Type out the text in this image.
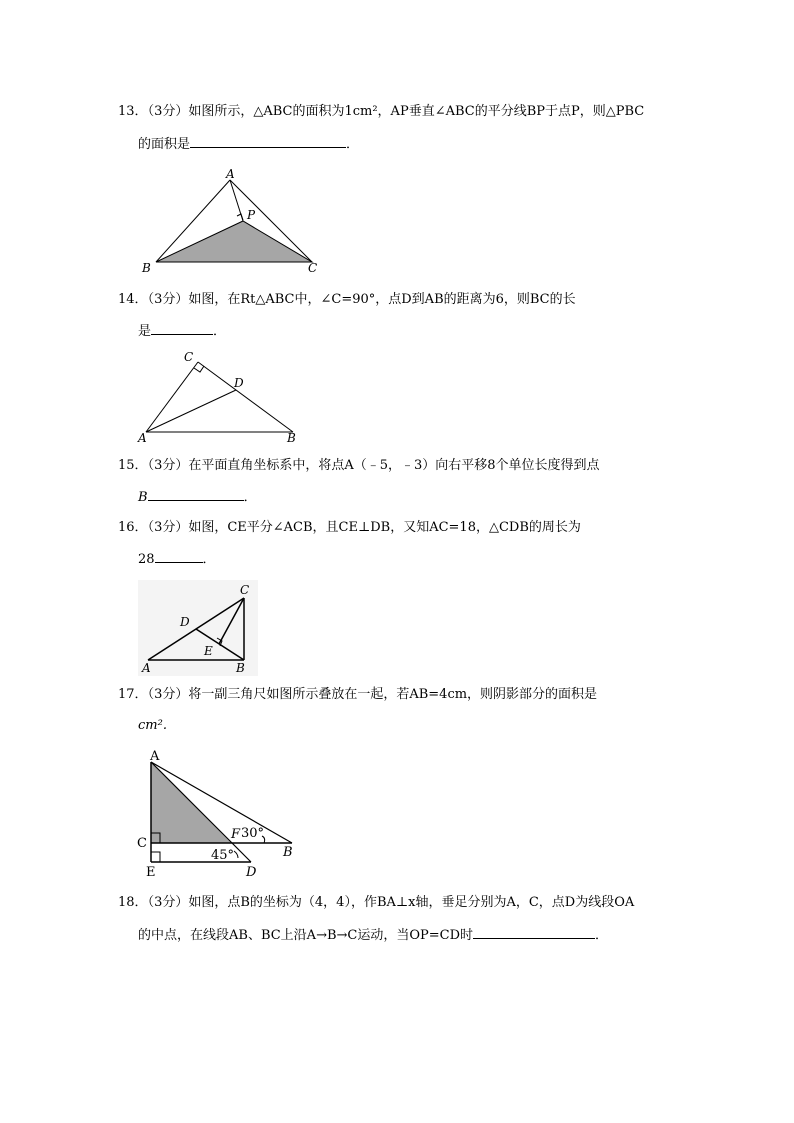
13．（3分）如图所示，△ABC的面积为1cm²，AP垂直∠ABC的平分线BP于点P，则△PBC
的面积是	．
A
P
B	C
14．（3分）如图，在Rt△ABC中，∠C=90°，点D到AB的距离为6，则BC的长
是	．
C
D
A	B
15．（3分）在平面直角坐标系中，将点A（﹣5，﹣3）向右平移8个单位长度得到点
B	．
16．（3分）如图，CE平分∠ACB，且CE⊥DB，又知AC=18，△CDB的周长为
28	．
C
D
E
A	B
17．（3分）将一副三角尺如图所示叠放在一起，若AB=4cm，则阴影部分的面积是
cm².
A
C
F 30°
B
45°
E	D
18．（3分）如图，点B的坐标为（4，4），作BA⊥x轴，垂足分别为A，C，点D为线段OA
的中点，在线段AB、BC上沿A→B→C运动，当OP=CD时	．
